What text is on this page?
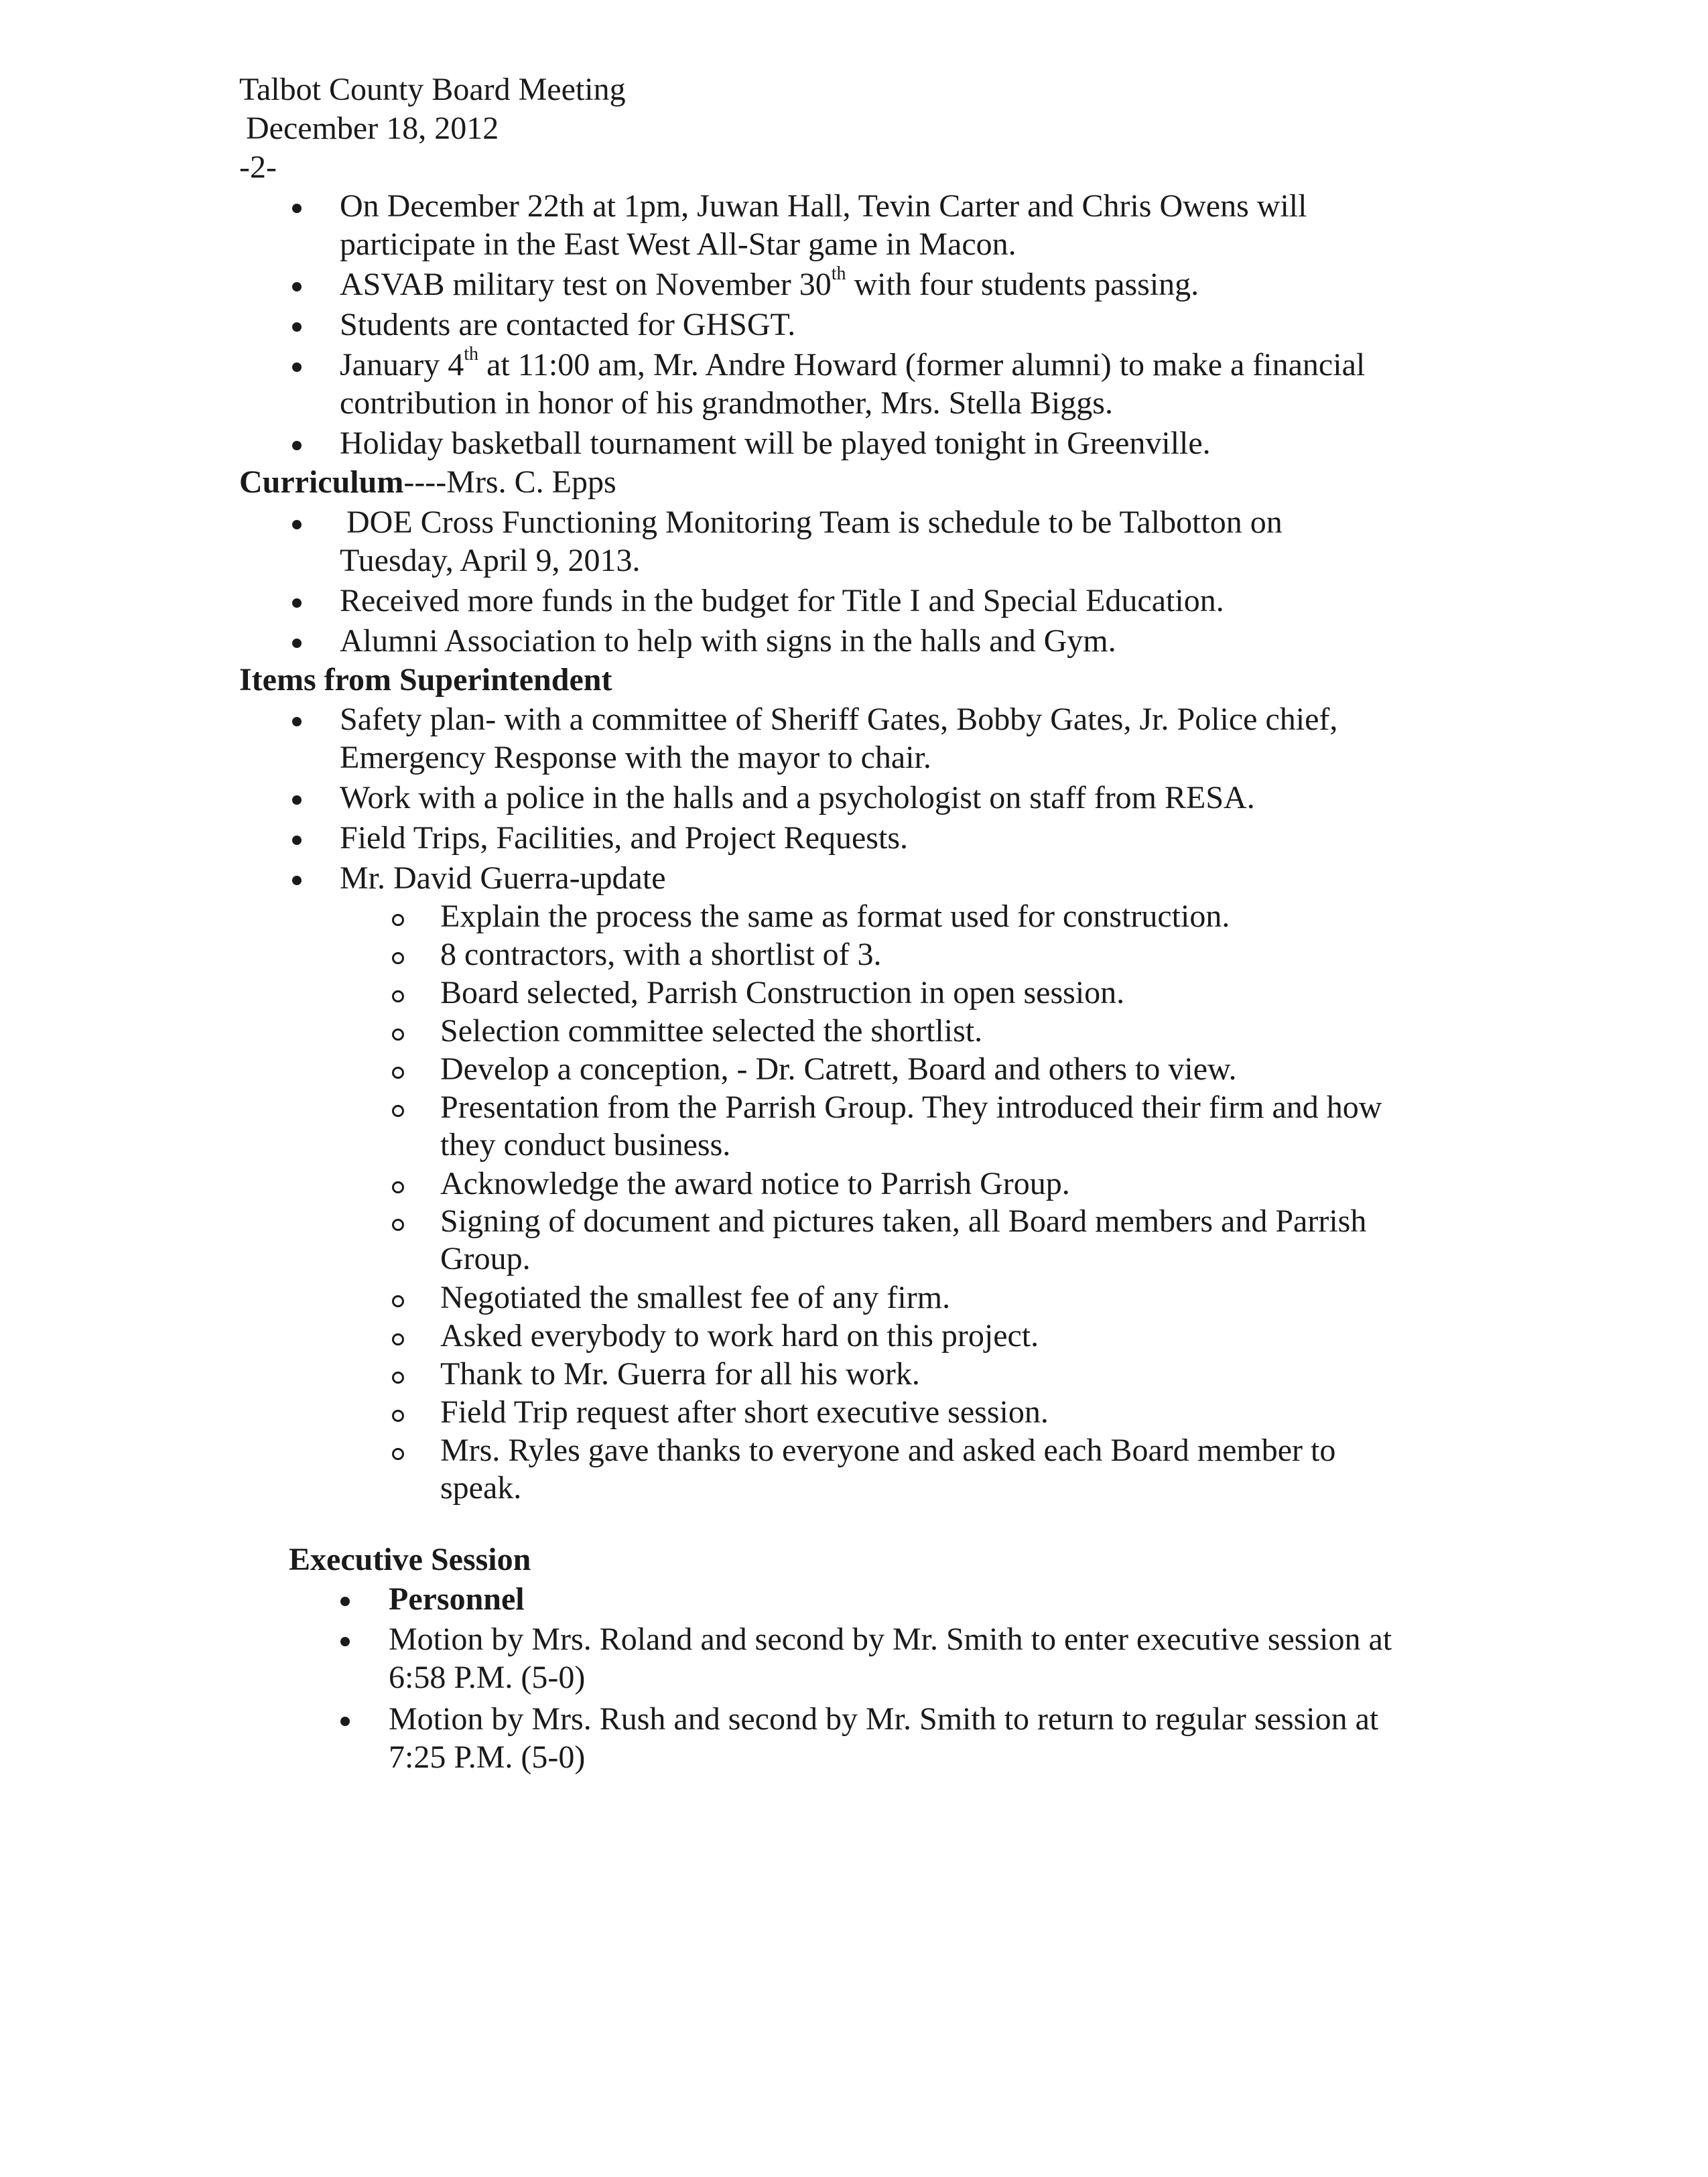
Talbot County Board Meeting
December 18, 2012
-2-
On December 22th at 1pm, Juwan Hall, Tevin Carter and Chris Owens will
participate in the East West All-Star game in Macon.
ASVAB military test on November 30th with four students passing.
Students are contacted for GHSGT.
January 4th at 11:00 am, Mr. Andre Howard (former alumni) to make a financial
contribution in honor of his grandmother, Mrs. Stella Biggs.
Holiday basketball tournament will be played tonight in Greenville.
Curriculum----Mrs. C. Epps
DOE Cross Functioning Monitoring Team is schedule to be Talbotton on
Tuesday, April 9, 2013.
Received more funds in the budget for Title I and Special Education.
Alumni Association to help with signs in the halls and Gym.
Items from Superintendent
Safety plan- with a committee of Sheriff Gates, Bobby Gates, Jr. Police chief,
Emergency Response with the mayor to chair.
Work with a police in the halls and a psychologist on staff from RESA.
Field Trips, Facilities, and Project Requests.
Mr. David Guerra-update
Explain the process the same as format used for construction.
8 contractors, with a shortlist of 3.
Board selected, Parrish Construction in open session.
Selection committee selected the shortlist.
Develop a conception, - Dr. Catrett, Board and others to view.
Presentation from the Parrish Group. They introduced their firm and how
they conduct business.
Acknowledge the award notice to Parrish Group.
Signing of document and pictures taken, all Board members and Parrish
Group.
Negotiated the smallest fee of any firm.
Asked everybody to work hard on this project.
Thank to Mr. Guerra for all his work.
Field Trip request after short executive session.
Mrs. Ryles gave thanks to everyone and asked each Board member to
speak.
Executive Session
Personnel
Motion by Mrs. Roland and second by Mr. Smith to enter executive session at
6:58 P.M. (5-0)
Motion by Mrs. Rush and second by Mr. Smith to return to regular session at
7:25 P.M. (5-0)
